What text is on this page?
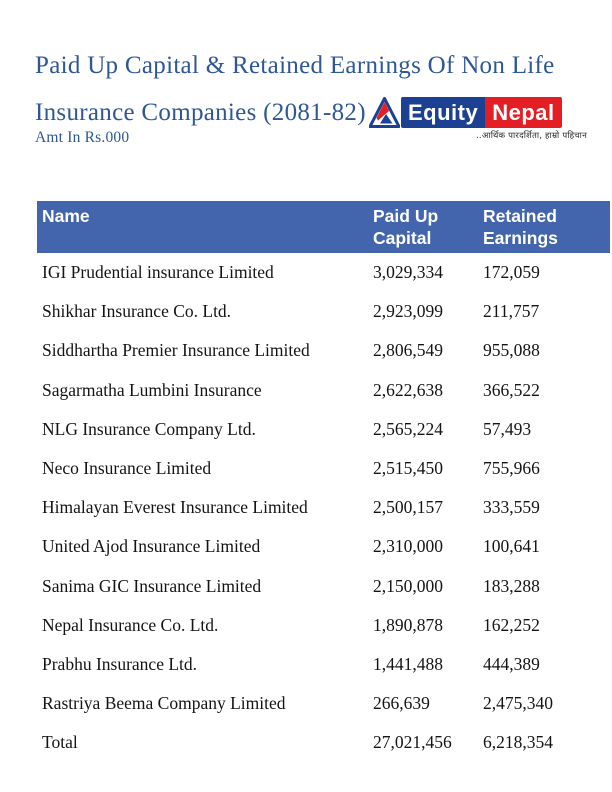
Paid Up Capital & Retained Earnings Of Non Life
Insurance Companies (2081-82)
Amt In Rs.000
Equity Nepal
..आर्थिक पारदर्शिता, हाम्रो पहिचान
Name	Paid Up Capital	Retained Earnings
IGI Prudential insurance Limited	3,029,334	172,059
Shikhar Insurance Co. Ltd.	2,923,099	211,757
Siddhartha Premier Insurance Limited	2,806,549	955,088
Sagarmatha Lumbini Insurance	2,622,638	366,522
NLG Insurance Company Ltd.	2,565,224	57,493
Neco Insurance Limited	2,515,450	755,966
Himalayan Everest Insurance Limited	2,500,157	333,559
United Ajod Insurance Limited	2,310,000	100,641
Sanima GIC Insurance Limited	2,150,000	183,288
Nepal Insurance Co. Ltd.	1,890,878	162,252
Prabhu Insurance Ltd.	1,441,488	444,389
Rastriya Beema Company Limited	266,639	2,475,340
Total	27,021,456	6,218,354
